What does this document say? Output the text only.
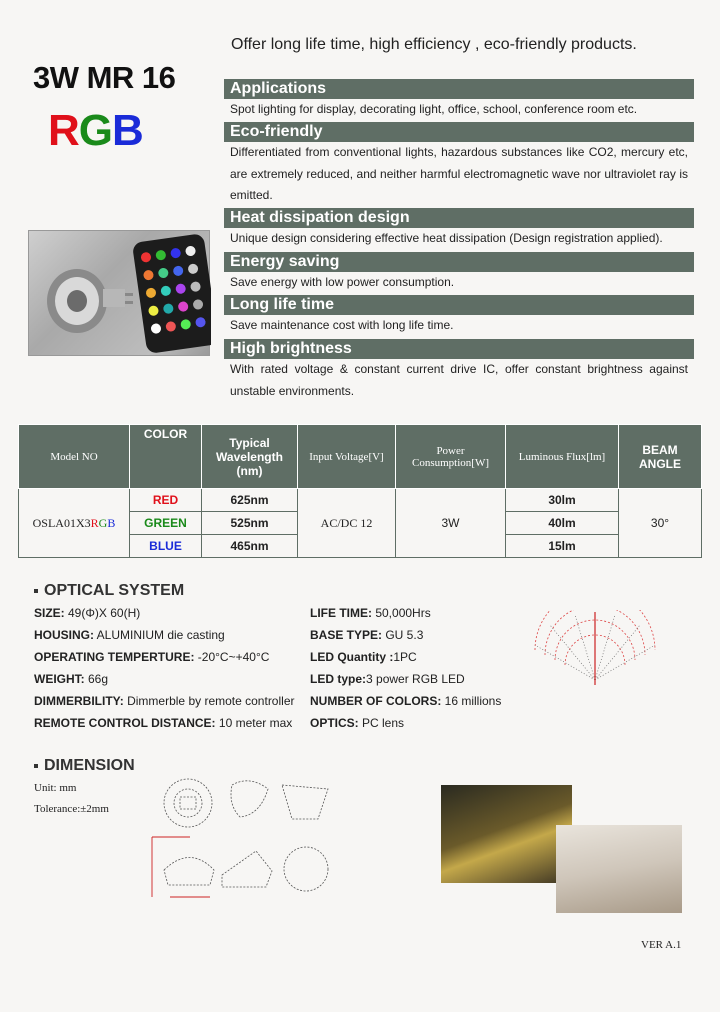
Offer long life time, high efficiency , eco-friendly products.
3W MR 16
RGB
Applications
Spot lighting for display, decorating light, office, school, conference room etc.
Eco-friendly
Differentiated from conventional lights, hazardous substances like CO2, mercury etc, are extremely reduced, and neither harmful electromagnetic wave nor ultraviolet ray is emitted.
Heat dissipation design
Unique design considering effective heat dissipation (Design registration applied).
Energy saving
Save energy with low power consumption.
Long life time
Save maintenance cost with long life time.
High brightness
With rated voltage & constant current drive IC, offer constant brightness against unstable environments.
Model NO	COLOR	Typical Wavelength (nm)	Input Voltage[V]	Power Consumption[W]	Luminous Flux[lm]	BEAM ANGLE
OSLA01X3RGB	RED	625nm	AC/DC 12	3W	30lm	30°
	GREEN	525nm			40lm	
	BLUE	465nm			15lm	
OPTICAL SYSTEM
SIZE: 49(Φ)X 60(H)
HOUSING: ALUMINIUM die casting
OPERATING TEMPERTURE: -20°C~+40°C
WEIGHT: 66g
DIMMERBILITY: Dimmerble by remote controller
REMOTE CONTROL DISTANCE: 10 meter max
LIFE TIME: 50,000Hrs
BASE TYPE: GU 5.3
LED Quantity :1PC
LED type:3 power RGB LED
NUMBER OF COLORS: 16 millions
OPTICS: PC lens
DIMENSION
Unit: mm
Tolerance:±2mm
VER A.1
